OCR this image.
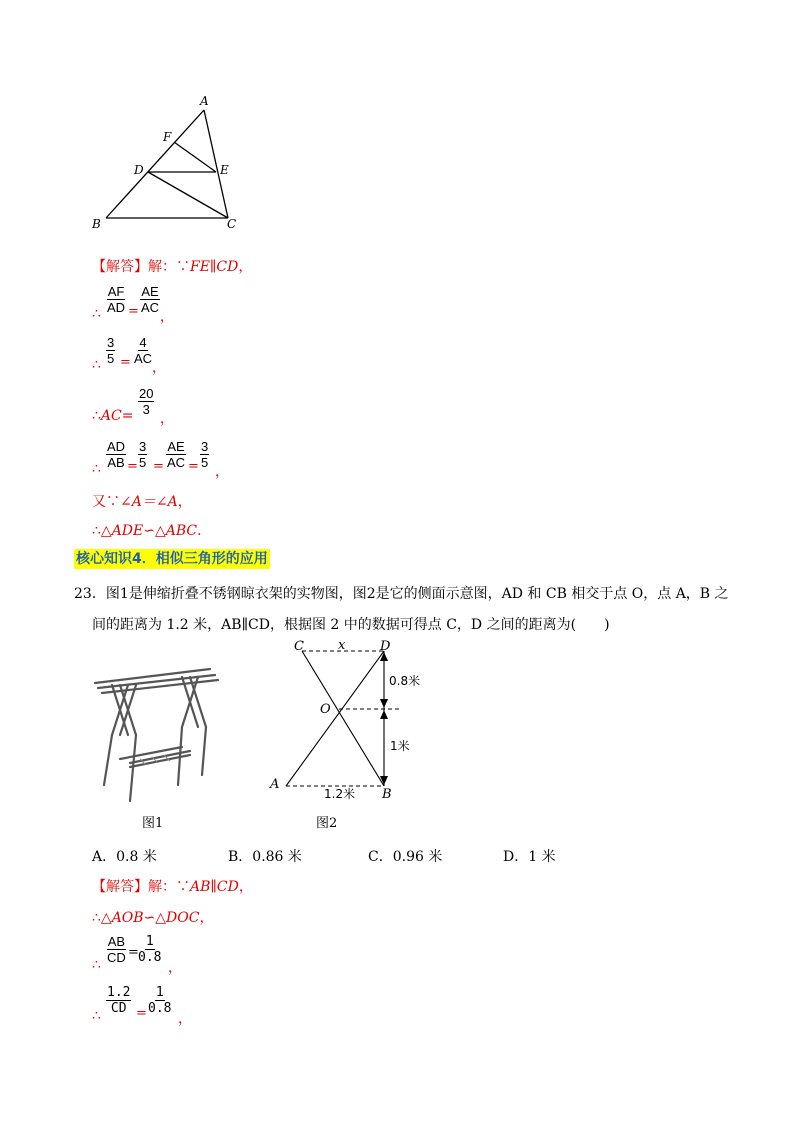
A
F
D	E
B	C
【解答】解：∵FE∥CD，
∴ $\frac{AF}{AD} = \frac{AE}{AC}$
，
∴ $\frac{3}{5} = \frac{4}{AC}$
，
∴AC= $\frac{20}{3}$
，
∴ $\frac{AD}{AB} = \frac{3}{5} = \frac{AE}{AC} = \frac{3}{5}$
，
又∵∠A＝∠A，
∴△ADE∽△ABC.
核心知识4．相似三角形的应用
23．图1是伸缩折叠不锈钢晾衣架的实物图，图2是它的侧面示意图，AD 和 CB 相交于点 O，点 A，B 之
间的距离为 1.2 米，AB∥CD，根据图 2 中的数据可得点 C，D 之间的距离为(　　)
C	D
x
O
A
B
0.8米
1米
1.2米
图1	图2
A．0.8 米	B．0.86 米	C．0.96 米	D．1 米
【解答】解：∵AB∥CD，
∴△AOB∽△DOC，
∴ $\frac{AB}{CD}$ =
$\frac{1}{0.8}$
，
∴ $\frac{1.2}{CD} = \frac{1}{0.8}$
，
